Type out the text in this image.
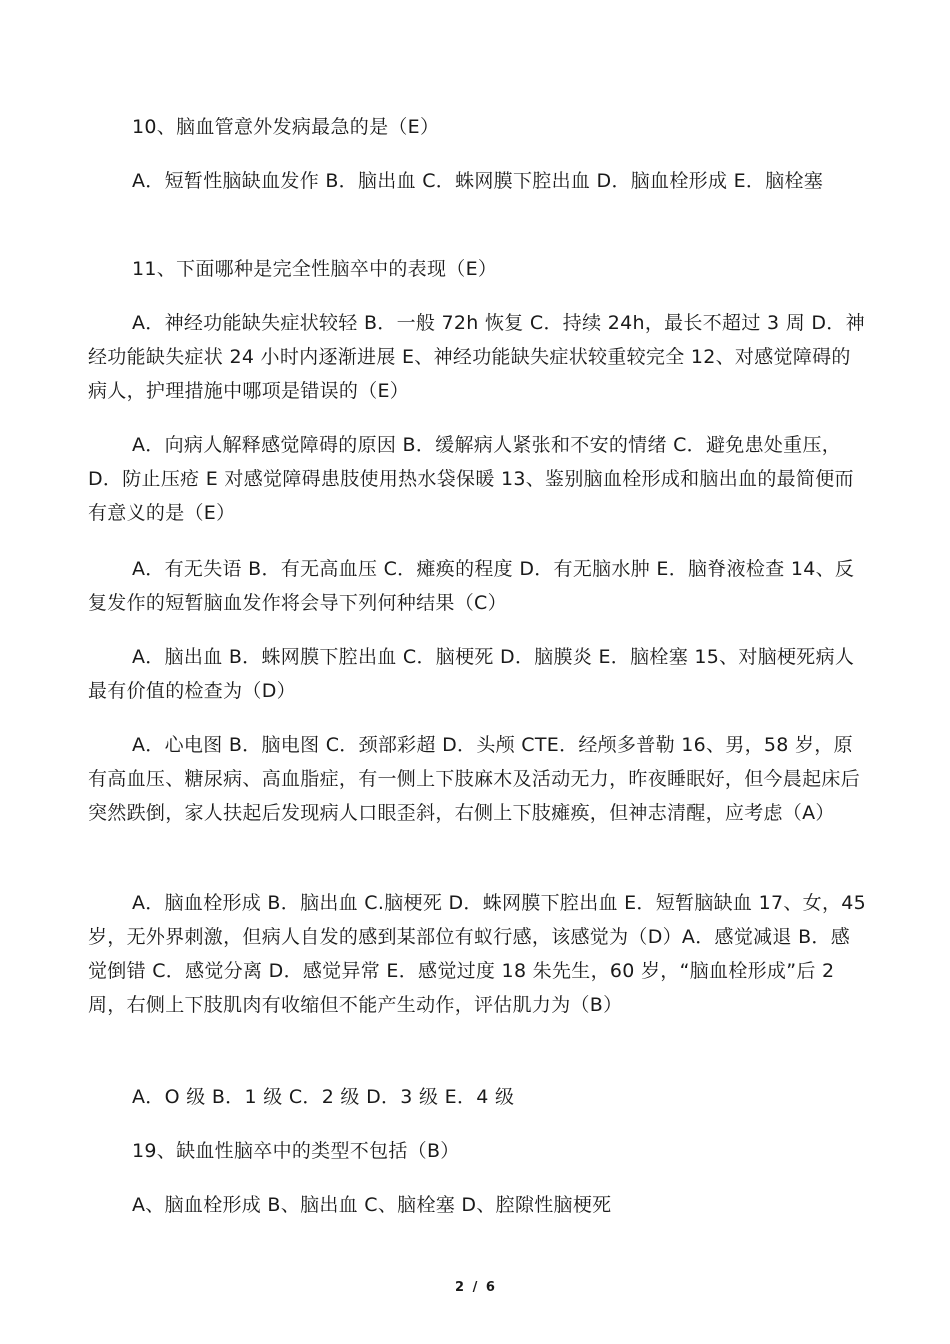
10、脑血管意外发病最急的是（E）

A．短暂性脑缺血发作 B．脑出血 C．蛛网膜下腔出血 D．脑血栓形成 E．脑栓塞

11、下面哪种是完全性脑卒中的表现（E）

A．神经功能缺失症状较轻 B．一般 72h 恢复 C．持续 24h，最长不超过 3 周 D．神经功能缺失症状 24 小时内逐渐进展 E、神经功能缺失症状较重较完全 12、对感觉障碍的病人，护理措施中哪项是错误的（E）

A．向病人解释感觉障碍的原因 B．缓解病人紧张和不安的情绪 C．避免患处重压，D．防止压疮 E 对感觉障碍患肢使用热水袋保暖 13、鉴别脑血栓形成和脑出血的最简便而有意义的是（E）

A．有无失语 B．有无高血压 C．瘫痪的程度 D．有无脑水肿 E．脑脊液检查 14、反复发作的短暂脑血发作将会导下列何种结果（C）

A．脑出血 B．蛛网膜下腔出血 C．脑梗死 D．脑膜炎 E．脑栓塞 15、对脑梗死病人最有价值的检查为（D）

A．心电图 B．脑电图 C．颈部彩超 D．头颅 CTE．经颅多普勒 16、男，58 岁，原有高血压、糖尿病、高血脂症，有一侧上下肢麻木及活动无力，昨夜睡眠好，但今晨起床后突然跌倒，家人扶起后发现病人口眼歪斜，右侧上下肢瘫痪，但神志清醒，应考虑（A）

A．脑血栓形成 B．脑出血 C.脑梗死 D．蛛网膜下腔出血 E．短暂脑缺血 17、女，45 岁，无外界刺激，但病人自发的感到某部位有蚁行感，该感觉为（D）A．感觉减退 B．感觉倒错 C．感觉分离 D．感觉异常 E．感觉过度 18 朱先生，60 岁，“脑血栓形成”后 2 周，右侧上下肢肌肉有收缩但不能产生动作，评估肌力为（B）

A．O 级 B．1 级 C．2 级 D．3 级 E．4 级

19、缺血性脑卒中的类型不包括（B）

A、脑血栓形成 B、脑出血 C、脑栓塞 D、腔隙性脑梗死

2 / 6
